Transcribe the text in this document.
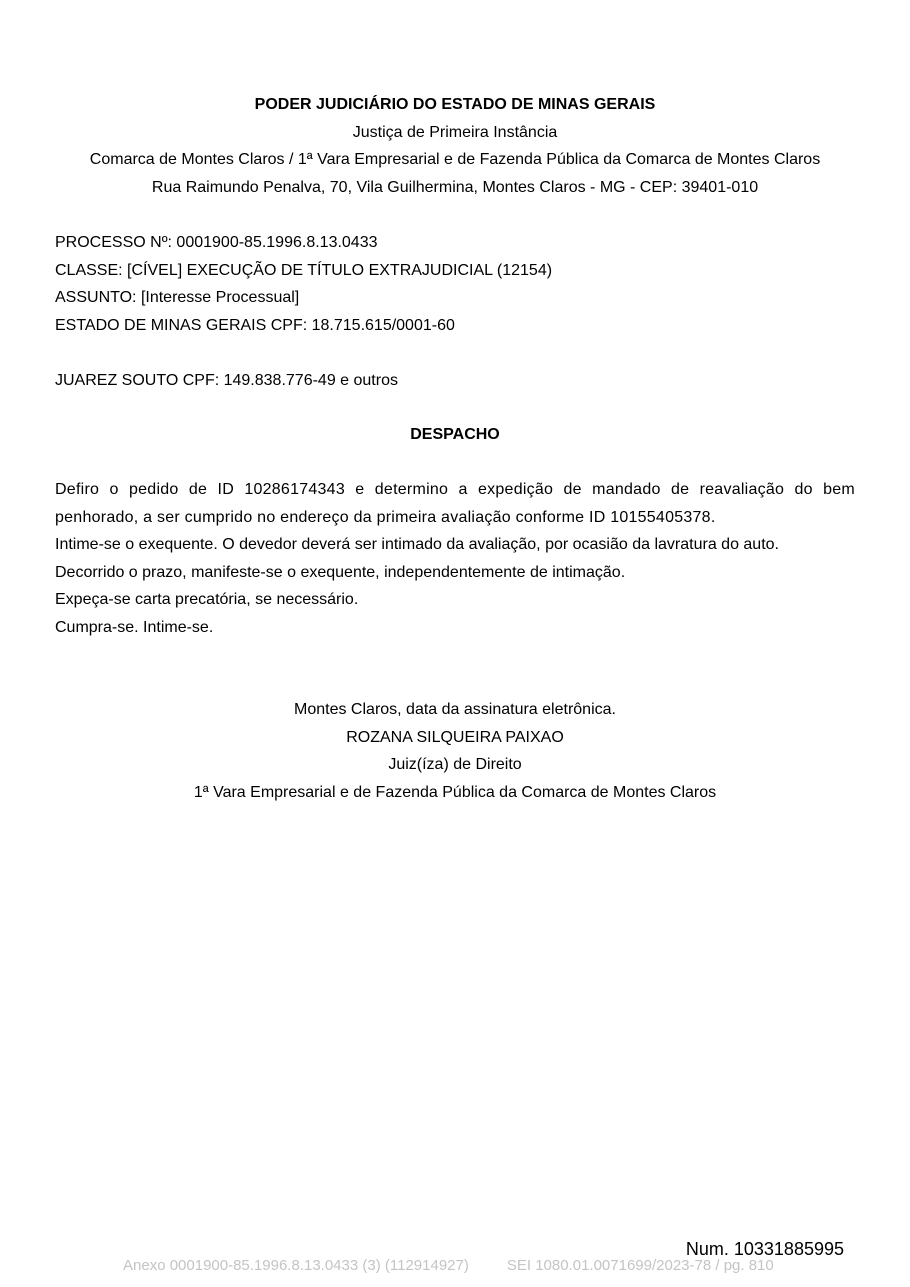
PODER JUDICIÁRIO DO ESTADO DE MINAS GERAIS
Justiça de Primeira Instância
Comarca de Montes Claros / 1ª Vara Empresarial e de Fazenda Pública da Comarca de Montes Claros
Rua Raimundo Penalva, 70, Vila Guilhermina, Montes Claros - MG - CEP: 39401-010
PROCESSO Nº: 0001900-85.1996.8.13.0433
CLASSE: [CÍVEL] EXECUÇÃO DE TÍTULO EXTRAJUDICIAL (12154)
ASSUNTO: [Interesse Processual]
ESTADO DE MINAS GERAIS CPF: 18.715.615/0001-60
JUAREZ SOUTO CPF: 149.838.776-49 e outros
DESPACHO
Defiro o pedido de ID 10286174343 e determino a expedição de mandado de reavaliação do bem penhorado, a ser cumprido no endereço da primeira avaliação conforme ID 10155405378.
Intime-se o exequente. O devedor deverá ser intimado da avaliação, por ocasião da lavratura do auto.
Decorrido o prazo, manifeste-se o exequente, independentemente de intimação.
Expeça-se carta precatória, se necessário.
Cumpra-se. Intime-se.
Montes Claros, data da assinatura eletrônica.
ROZANA SILQUEIRA PAIXAO
Juiz(íza) de Direito
1ª Vara Empresarial e de Fazenda Pública da Comarca de Montes Claros
Num. 10331885995
Anexo 0001900-85.1996.8.13.0433 (3) (112914927)	SEI 1080.01.0071699/2023-78 / pg. 810
